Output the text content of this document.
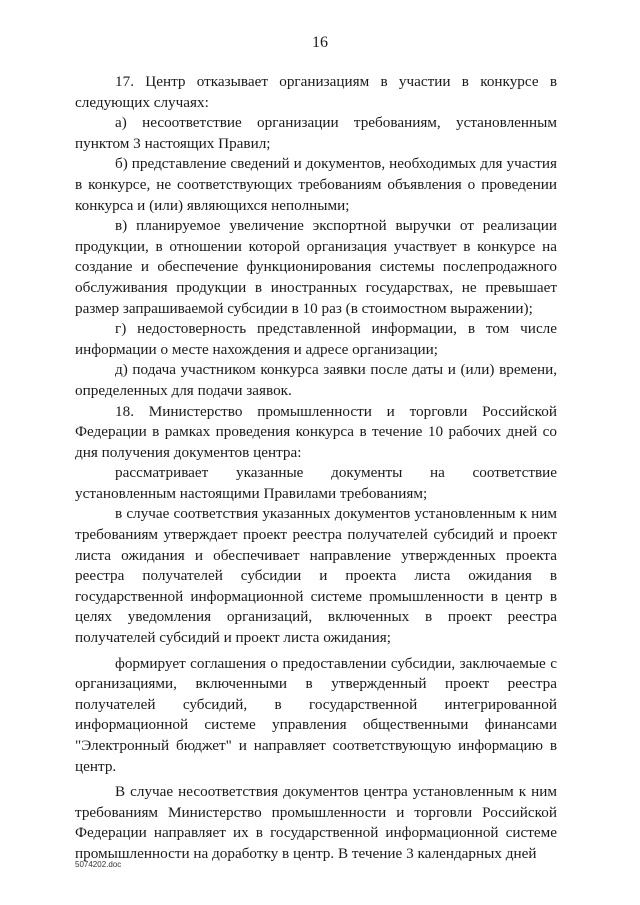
16

17. Центр отказывает организациям в участии в конкурсе в следующих случаях:

а) несоответствие организации требованиям, установленным пунктом 3 настоящих Правил;

б) представление сведений и документов, необходимых для участия в конкурсе, не соответствующих требованиям объявления о проведении конкурса и (или) являющихся неполными;

в) планируемое увеличение экспортной выручки от реализации продукции, в отношении которой организация участвует в конкурсе на создание и обеспечение функционирования системы послепродажного обслуживания продукции в иностранных государствах, не превышает размер запрашиваемой субсидии в 10 раз (в стоимостном выражении);

г) недостоверность представленной информации, в том числе информации о месте нахождения и адресе организации;

д) подача участником конкурса заявки после даты и (или) времени, определенных для подачи заявок.

18. Министерство промышленности и торговли Российской Федерации в рамках проведения конкурса в течение 10 рабочих дней со дня получения документов центра:

рассматривает указанные документы на соответствие установленным настоящими Правилами требованиям;

в случае соответствия указанных документов установленным к ним требованиям утверждает проект реестра получателей субсидий и проект листа ожидания и обеспечивает направление утвержденных проекта реестра получателей субсидии и проекта листа ожидания в государственной информационной системе промышленности в центр в целях уведомления организаций, включенных в проект реестра получателей субсидий и проект листа ожидания;

формирует соглашения о предоставлении субсидии, заключаемые с организациями, включенными в утвержденный проект реестра получателей субсидий, в государственной интегрированной информационной системе управления общественными финансами "Электронный бюджет" и направляет соответствующую информацию в центр.

В случае несоответствия документов центра установленным к ним требованиям Министерство промышленности и торговли Российской Федерации направляет их в государственной информационной системе промышленности на доработку в центр. В течение 3 календарных дней

5074202.doc
